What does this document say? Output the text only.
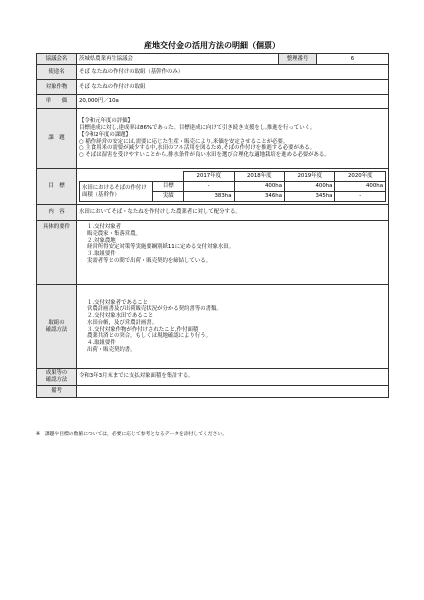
産地交付金の活用方法の明細（個票）
協議会名	茨城県農業再生協議会	整理番号	6
使途名	そば なたねの作付けの取組（基幹作のみ）
対象作物	そば なたねの作付けの取組
単　　価	20,000円／10a
課　題	【令和元年度の評価】
目標達成に対し,達成率は86%であった。目標達成に向けて引き続き支援をし,推進を行っていく。
【令和2年度の課題】
○ 稲作経営の安定には,需要に応じた生産・販売により,米価を安定させることが必要。
○ 主食用米の需要が減少する中,水田のフル活用を図るため,そばの作付けを推進する必要がある。
○ そばは湿害を受けやすいことから,排水条件が良い水田を選び合理化な適地栽培を進める必要がある。
目　標	
		2017年度	2018年度	2019年度	2020年度
水田におけるそばの作付け面積（基幹作）	目標	-	400ha	400ha	400ha
実績	383ha	346ha	345ha	-

内　容	水田においてそば・なたねを作付けした農業者に対して配分する。
具体的要件	１.交付対象者
販売農家・集落営農。
２.対象農地
経営所得安定対策等実施要綱別紙11に定める交付対象水田。
３.取組要件
実需者等との間で出荷・販売契約を締結している。
取組の
確認方法	１.交付対象者であること
営農計画書及び出荷販売状況が分かる契約書等の書類。
２.交付対象水田であること
水田台帳，及び営農計画書。
３.交付対象作物が作付けされたこと,作付面積
農業共済との突合，もしくは現地確認により行う。
４.取組要件
出荷・販売契約書。
成果等の
確認方法	令和3年3月末までに支払対象面積を集計する。
備考	
※　課題や目標の数値については，必要に応じて参考となるデータを添付してください。
